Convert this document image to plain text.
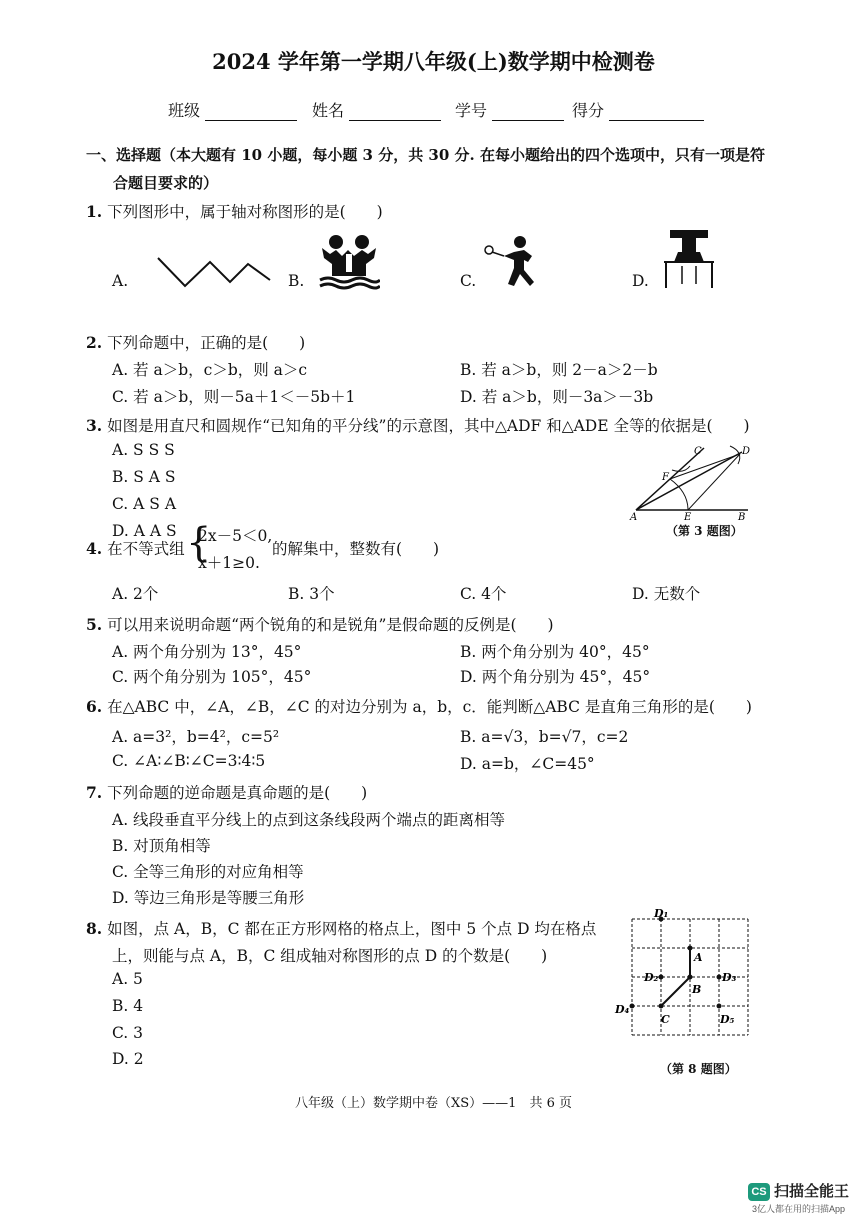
2024 学年第一学期八年级(上)数学期中检测卷
班级	姓名	学号	得分
一、选择题（本大题有 10 小题，每小题 3 分，共 30 分. 在每小题给出的四个选项中，只有一项是符
合题目要求的）
1. 下列图形中，属于轴对称图形的是(　　)
A.	B.	C.	D.
2. 下列命题中，正确的是(　　)
A. 若 a＞b，c＞b，则 a＞c	B. 若 a＞b，则 2－a＞2－b
C. 若 a＞b，则－5a＋1＜－5b＋1	D. 若 a＞b，则－3a＞－3b
3. 如图是用直尺和圆规作“已知角的平分线”的示意图，其中△ADF 和△ADE 全等的依据是(　　)
A. S S S
B. S A S
C. A S A
D. A A S
C	D
F
A	E	B
（第 3 题图）
4. 在不等式组 {
2x－5＜0,
x＋1≥0.
的解集中，整数有(　　)
A. 2个	B. 3个	C. 4个	D. 无数个
5. 可以用来说明命题“两个锐角的和是锐角”是假命题的反例是(　　)
A. 两个角分别为 13°，45°	B. 两个角分别为 40°，45°
C. 两个角分别为 105°，45°	D. 两个角分别为 45°，45°
6. 在△ABC 中，∠A，∠B，∠C 的对边分别为 a，b，c．能判断△ABC 是直角三角形的是(　　)
A. a=3²，b=4²，c=5²	B. a=√3，b=√7，c=2
C. ∠A∶∠B∶∠C=3∶4∶5	D. a=b，∠C=45°
7. 下列命题的逆命题是真命题的是(　　)
A. 线段垂直平分线上的点到这条线段两个端点的距离相等
B. 对顶角相等
C. 全等三角形的对应角相等
D. 等边三角形是等腰三角形
8. 如图，点 A，B，C 都在正方形网格的格点上，图中 5 个点 D 均在格点
上，则能与点 A，B，C 组成轴对称图形的点 D 的个数是(　　)
A. 5
B. 4
C. 3
D. 2
D₁
A
D₂	D₃
B
D₄
C	D₅
（第 8 题图）
八年级（上）数学期中卷（XS）——1　共 6 页
CS 扫描全能王
3亿人都在用的扫描App
